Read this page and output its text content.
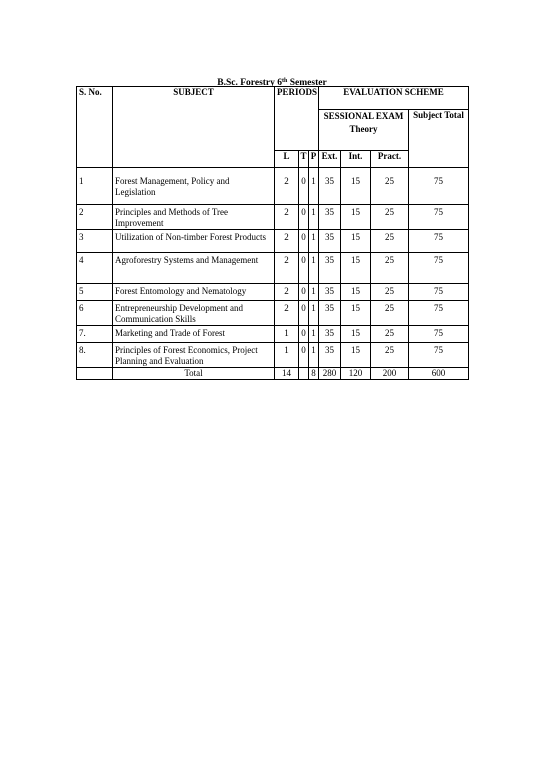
B.Sc. Forestry 6th Semester
S. No.	SUBJECT	PERIODS			EVALUATION SCHEME			
					SESSIONAL EXAM Theory			Subject Total
		L	T	P	Ext.	Int.	Pract.	
1	Forest Management, Policy and Legislation	2	0	1	35	15	25	75
2	Principles and Methods of Tree Improvement	2	0	1	35	15	25	75
3	Utilization of Non-timber Forest Products	2	0	1	35	15	25	75
4	Agroforestry Systems and Management	2	0	1	35	15	25	75
5	Forest Entomology and Nematology	2	0	1	35	15	25	75
6	Entrepreneurship Development and Communication Skills	2	0	1	35	15	25	75
7.	Marketing and Trade of Forest	1	0	1	35	15	25	75
8.	Principles of Forest Economics, Project Planning and Evaluation	1	0	1	35	15	25	75
	Total	14		8	280	120	200	600
